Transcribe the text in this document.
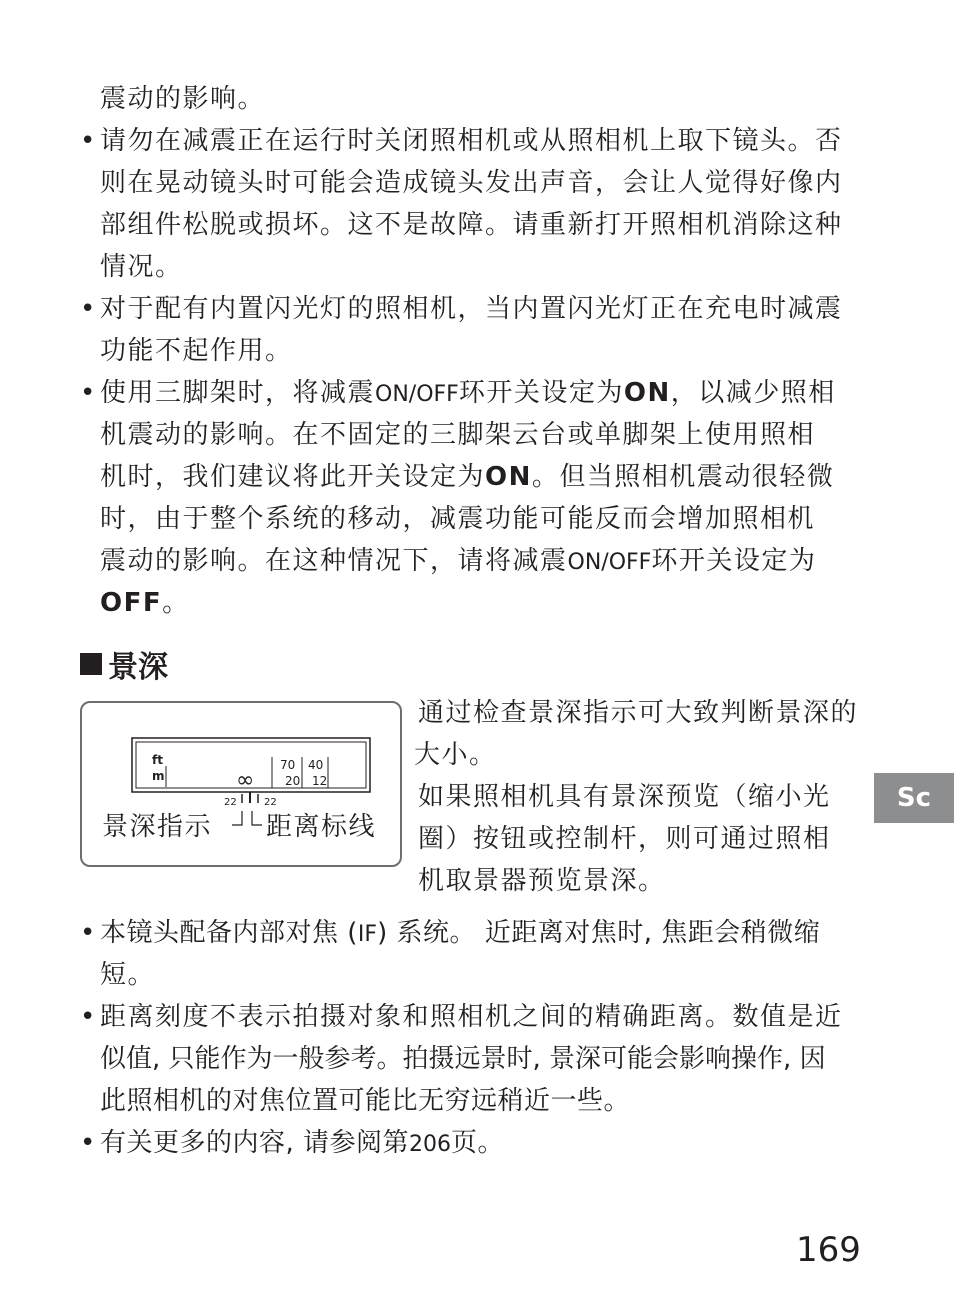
震动的影响。
• 请勿在减震正在运行时关闭照相机或从照相机上取下镜头。否
则在晃动镜头时可能会造成镜头发出声音，会让人觉得好像内
部组件松脱或损坏。这不是故障。请重新打开照相机消除这种
情况。
• 对于配有内置闪光灯的照相机，当内置闪光灯正在充电时减震
功能不起作用。
• 使用三脚架时，将减震ON/OFF环开关设定为ON，以减少照相
机震动的影响。在不固定的三脚架云台或单脚架上使用照相
机时，我们建议将此开关设定为ON。但当照相机震动很轻微
时，由于整个系统的移动，减震功能可能反而会增加照相机
震动的影响。在这种情况下，请将减震ON/OFF环开关设定为
OFF。
景深
ft
m
70 40
20 12
∞
22	22
景深指示 距离标线
通过检查景深指示可大致判断景深的
大小。
如果照相机具有景深预览（缩小光
圈）按钮或控制杆，则可通过照相
机取景器预览景深。
Sc
• 本镜头配备内部对焦 (IF) 系统。 近距离对焦时, 焦距会稍微缩
短。
• 距离刻度不表示拍摄对象和照相机之间的精确距离。数值是近
似值, 只能作为一般参考。拍摄远景时, 景深可能会影响操作, 因
此照相机的对焦位置可能比无穷远稍近一些。
• 有关更多的内容, 请参阅第206页。
169
